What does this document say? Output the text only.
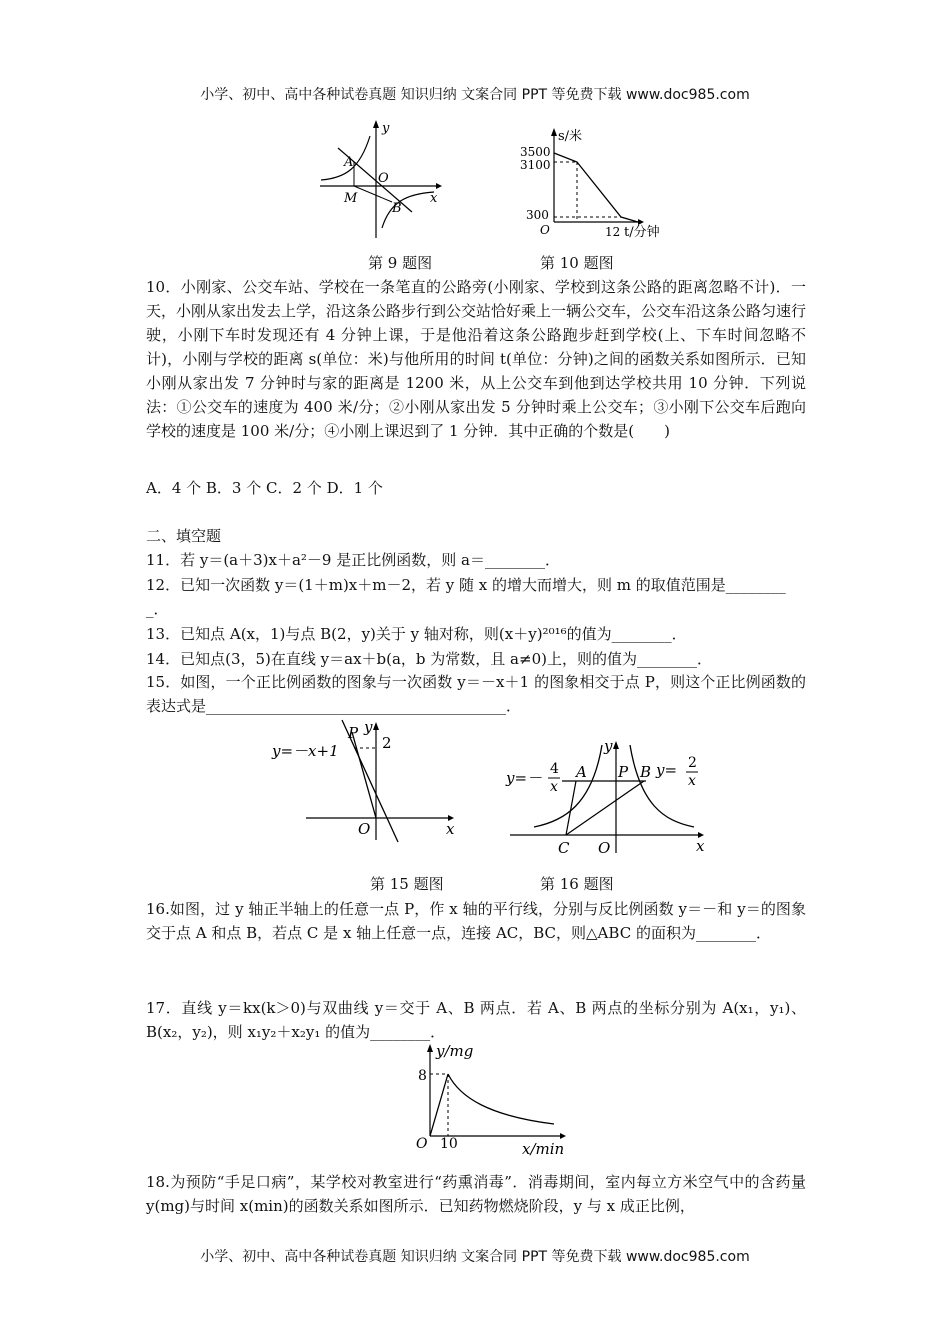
小学、初中、高中各种试卷真题 知识归纳 文案合同 PPT 等免费下载 www.doc985.com
y
x
A
O
M
B
s/米
3500
3100
300
O	12 t/分钟
第 9 题图	第 10 题图
10．小刚家、公交车站、学校在一条笔直的公路旁(小刚家、学校到这条公路的距离忽略不计)．一天，小刚从家出发去上学，沿这条公路步行到公交站恰好乘上一辆公交车，公交车沿这条公路匀速行驶，小刚下车时发现还有 4 分钟上课，于是他沿着这条公路跑步赶到学校(上、下车时间忽略不计)，小刚与学校的距离 s(单位：米)与他所用的时间 t(单位：分钟)之间的函数关系如图所示．已知小刚从家出发 7 分钟时与家的距离是 1200 米，从上公交车到他到达学校共用 10 分钟．下列说法：①公交车的速度为 400 米/分；②小刚从家出发 5 分钟时乘上公交车；③小刚下公交车后跑向学校的速度是 100 米/分；④小刚上课迟到了 1 分钟．其中正确的个数是(　　)
A．4 个 B．3 个 C．2 个 D．1 个
二、填空题
11．若 y＝(a＋3)x＋a²－9 是正比例函数，则 a＝________．
12．已知一次函数 y＝(1＋m)x＋m－2，若 y 随 x 的增大而增大，则 m 的取值范围是________
_．
13．已知点 A(x，1)与点 B(2，y)关于 y 轴对称，则(x＋y)²⁰¹⁶的值为________．
14．已知点(3，5)在直线 y＝ax＋b(a，b 为常数，且 a≠0)上，则的值为________．
15．如图，一个正比例函数的图象与一次函数 y＝－x＋1 的图象相交于点 P，则这个正比例函数的表达式是________________________________________．
y=－x+1
P y
2
O	x
y=－ 4
x
A P B y= 2
x
y
C O	x
第 15 题图	第 16 题图
16.如图，过 y 轴正半轴上的任意一点 P，作 x 轴的平行线，分别与反比例函数 y＝－和 y＝的图象交于点 A 和点 B，若点 C 是 x 轴上任意一点，连接 AC，BC，则△ABC 的面积为________．
17．直线 y＝kx(k＞0)与双曲线 y＝交于 A、B 两点．若 A、B 两点的坐标分别为 A(x₁，y₁)、B(x₂，y₂)，则 x₁y₂＋x₂y₁ 的值为________．
y/mg
8
O 10	x/min
18.为预防“手足口病”，某学校对教室进行“药熏消毒”．消毒期间，室内每立方米空气中的含药量 y(mg)与时间 x(min)的函数关系如图所示．已知药物燃烧阶段，y 与 x 成正比例，
小学、初中、高中各种试卷真题 知识归纳 文案合同 PPT 等免费下载 www.doc985.com
